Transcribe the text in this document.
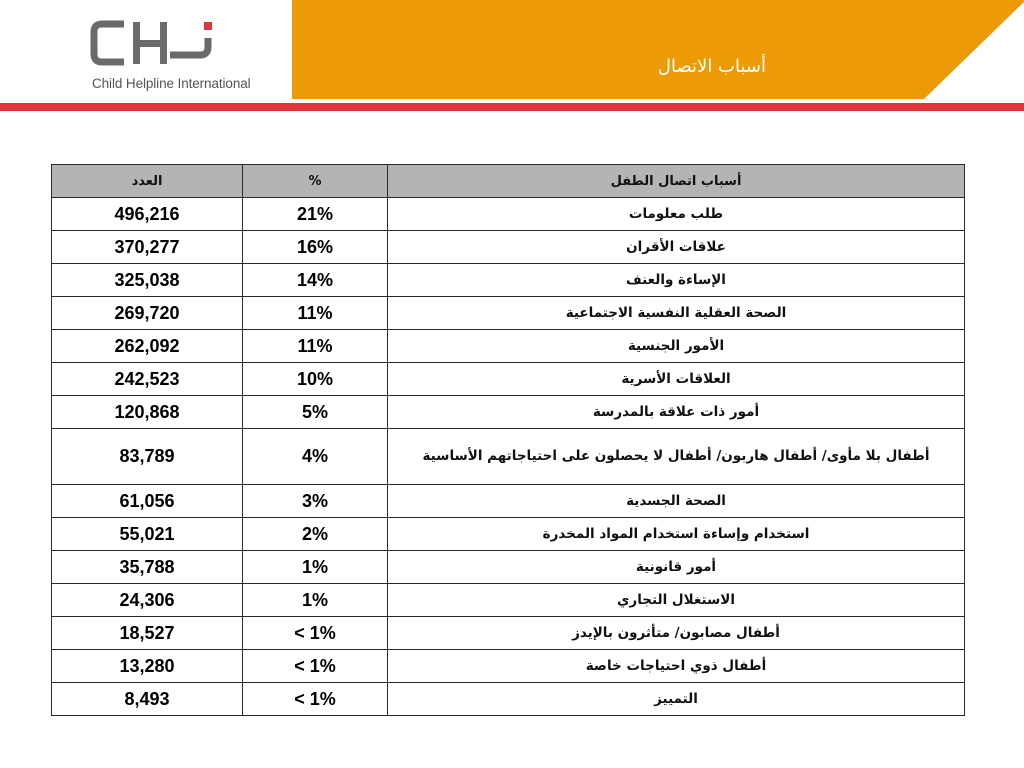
Child Helpline International
أسباب الاتصال
العدد	%	أسباب اتصال الطفل
496,216	21%	طلب معلومات
370,277	16%	علاقات الأقران
325,038	14%	الإساءة والعنف
269,720	11%	الصحة العقلية النفسية الاجتماعية
262,092	11%	الأمور الجنسية
242,523	10%	العلاقات الأسرية
120,868	5%	أمور ذات علاقة بالمدرسة
83,789	4%	أطفال بلا مأوى/ أطفال هاربون/ أطفال لا يحصلون على احتياجاتهم الأساسية
61,056	3%	الصحة الجسدية
55,021	2%	استخدام وإساءة استخدام المواد المخدرة
35,788	1%	أمور قانونية
24,306	1%	الاستغلال التجاري
18,527	< 1%	أطفال مصابون/ متأثرون بالإيدز
13,280	< 1%	أطفال ذوي احتياجات خاصة
8,493	< 1%	التمييز
